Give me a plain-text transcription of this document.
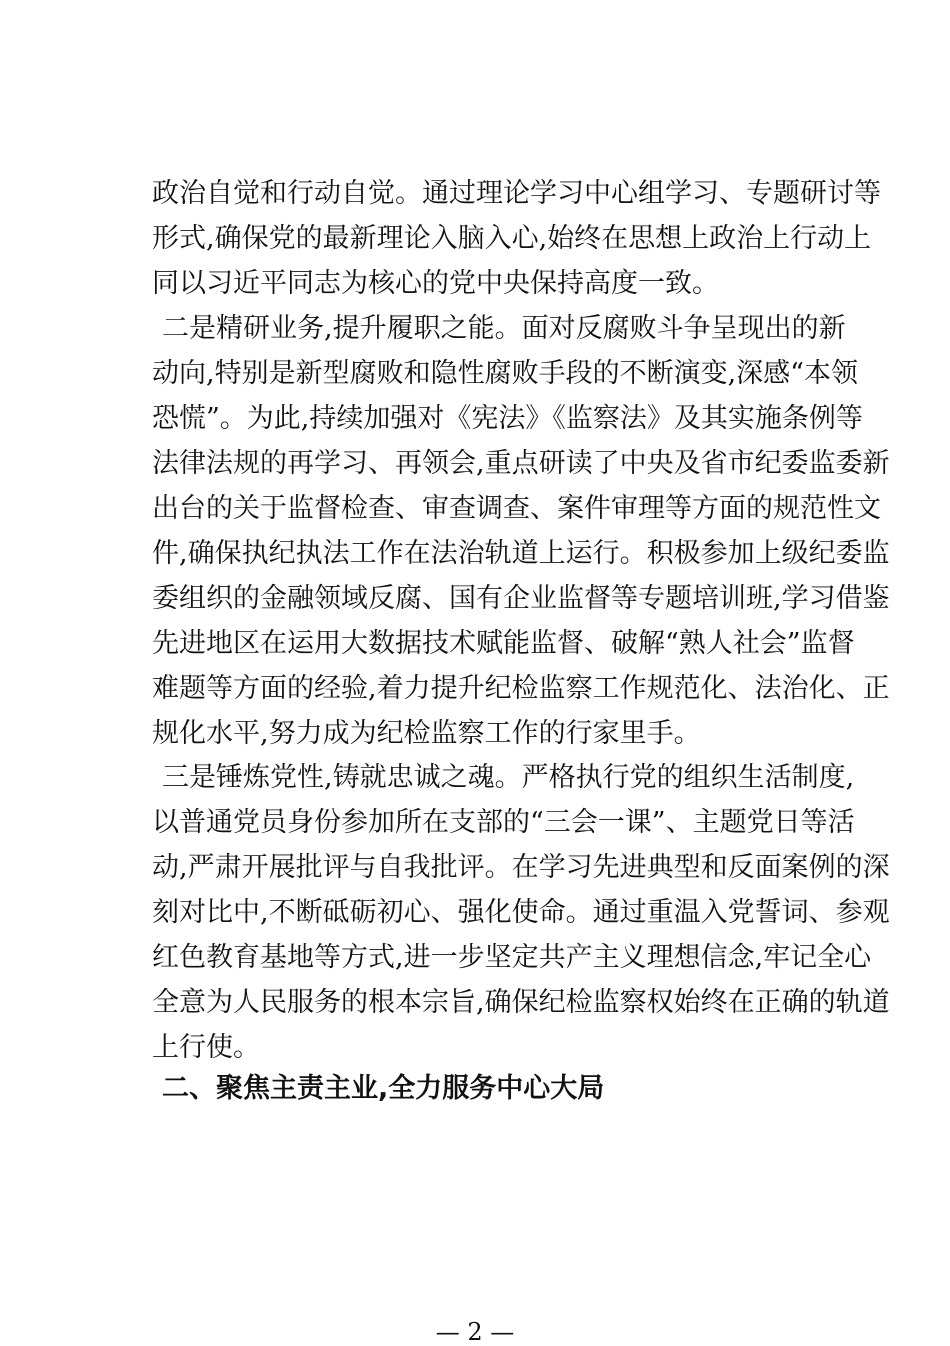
政治自觉和行动自觉。通过理论学习中心组学习、专题研讨等
形式,确保党的最新理论入脑入心,始终在思想上政治上行动上
同以习近平同志为核心的党中央保持高度一致。
二是精研业务,提升履职之能。面对反腐败斗争呈现出的新
动向,特别是新型腐败和隐性腐败手段的不断演变,深感“本领
恐慌”。为此,持续加强对《宪法》《监察法》及其实施条例等
法律法规的再学习、再领会,重点研读了中央及省市纪委监委新
出台的关于监督检查、审查调查、案件审理等方面的规范性文
件,确保执纪执法工作在法治轨道上运行。积极参加上级纪委监
委组织的金融领域反腐、国有企业监督等专题培训班,学习借鉴
先进地区在运用大数据技术赋能监督、破解“熟人社会”监督
难题等方面的经验,着力提升纪检监察工作规范化、法治化、正
规化水平,努力成为纪检监察工作的行家里手。
三是锤炼党性,铸就忠诚之魂。严格执行党的组织生活制度,
以普通党员身份参加所在支部的“三会一课”、主题党日等活
动,严肃开展批评与自我批评。在学习先进典型和反面案例的深
刻对比中,不断砥砺初心、强化使命。通过重温入党誓词、参观
红色教育基地等方式,进一步坚定共产主义理想信念,牢记全心
全意为人民服务的根本宗旨,确保纪检监察权始终在正确的轨道
上行使。
二、聚焦主责主业,全力服务中心大局
— 2 —
